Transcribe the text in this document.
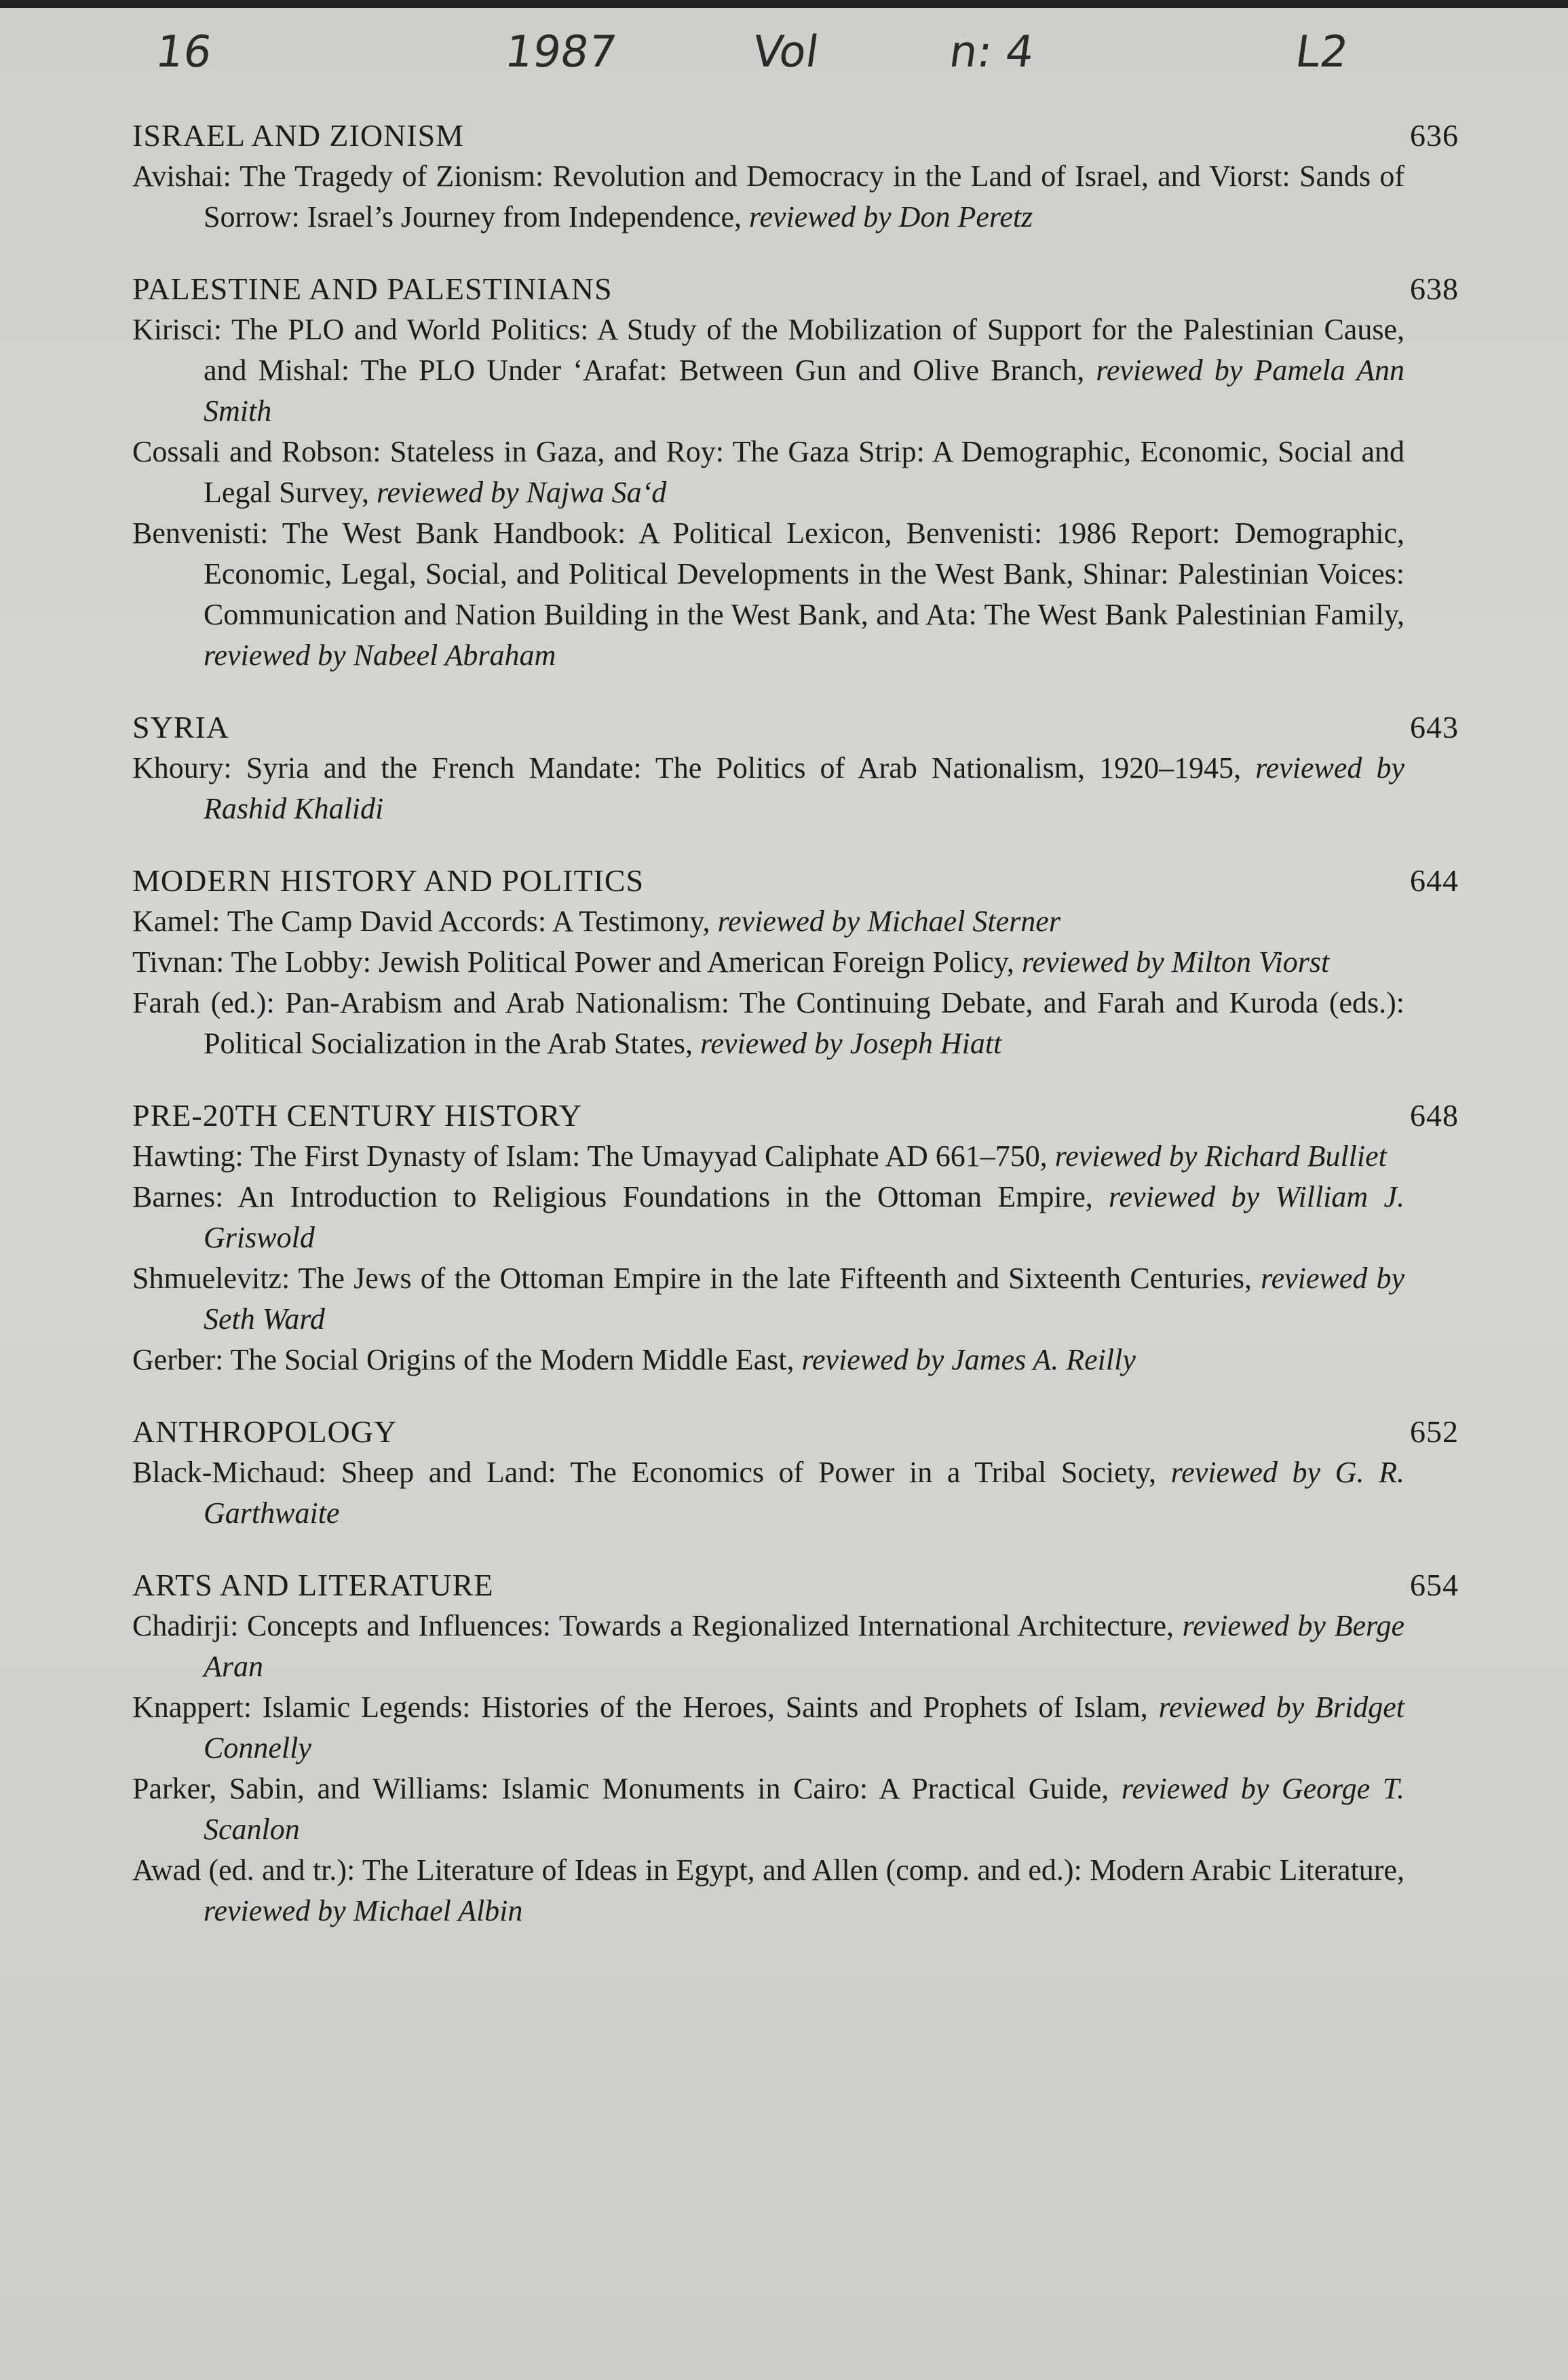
16	1987	Vol	n: 4	L2
ISRAEL AND ZIONISM	636
Avishai: The Tragedy of Zionism: Revolution and Democracy in the Land of Israel, and Viorst: Sands of Sorrow: Israel’s Journey from Independence, reviewed by Don Peretz
PALESTINE AND PALESTINIANS	638
Kirisci: The PLO and World Politics: A Study of the Mobilization of Support for the Palestinian Cause, and Mishal: The PLO Under ‘Arafat: Between Gun and Olive Branch, reviewed by Pamela Ann Smith
Cossali and Robson: Stateless in Gaza, and Roy: The Gaza Strip: A Demographic, Economic, Social and Legal Survey, reviewed by Najwa Sa‘d
Benvenisti: The West Bank Handbook: A Political Lexicon, Benvenisti: 1986 Report: Demographic, Economic, Legal, Social, and Political Developments in the West Bank, Shinar: Palestinian Voices: Communication and Nation Building in the West Bank, and Ata: The West Bank Palestinian Family, reviewed by Nabeel Abraham
SYRIA	643
Khoury: Syria and the French Mandate: The Politics of Arab Nationalism, 1920–1945, reviewed by Rashid Khalidi
MODERN HISTORY AND POLITICS	644
Kamel: The Camp David Accords: A Testimony, reviewed by Michael Sterner
Tivnan: The Lobby: Jewish Political Power and American Foreign Policy, reviewed by Milton Viorst
Farah (ed.): Pan-Arabism and Arab Nationalism: The Continuing Debate, and Farah and Kuroda (eds.): Political Socialization in the Arab States, reviewed by Joseph Hiatt
PRE-20TH CENTURY HISTORY	648
Hawting: The First Dynasty of Islam: The Umayyad Caliphate AD 661–750, reviewed by Richard Bulliet
Barnes: An Introduction to Religious Foundations in the Ottoman Empire, reviewed by William J. Griswold
Shmuelevitz: The Jews of the Ottoman Empire in the late Fifteenth and Sixteenth Centuries, reviewed by Seth Ward
Gerber: The Social Origins of the Modern Middle East, reviewed by James A. Reilly
ANTHROPOLOGY	652
Black-Michaud: Sheep and Land: The Economics of Power in a Tribal Society, reviewed by G. R. Garthwaite
ARTS AND LITERATURE	654
Chadirji: Concepts and Influences: Towards a Regionalized International Architecture, reviewed by Berge Aran
Knappert: Islamic Legends: Histories of the Heroes, Saints and Prophets of Islam, reviewed by Bridget Connelly
Parker, Sabin, and Williams: Islamic Monuments in Cairo: A Practical Guide, reviewed by George T. Scanlon
Awad (ed. and tr.): The Literature of Ideas in Egypt, and Allen (comp. and ed.): Modern Arabic Literature, reviewed by Michael Albin
